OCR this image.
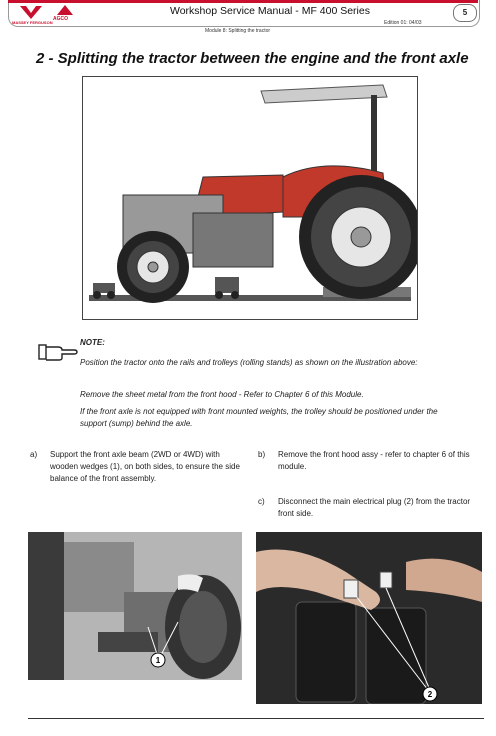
MASSEY FERGUSON
AGCO
Workshop Service Manual - MF 400 Series
Edition 01: 04/03
5
Module 8: Splitting the tractor
2 - Splitting the tractor between the engine and the front axle
NOTE:
Position the tractor onto the rails and trolleys (rolling stands) as shown on the illustration above:
Remove the sheet metal from the front hood - Refer to Chapter 6 of this Module.
If the front axle is not equipped with front mounted weights, the trolley should be positioned under the support (sump) behind the axle.
a) Support the front axle beam (2WD or 4WD) with wooden wedges (1), on both sides, to ensure the side balance of the front assembly.
b) Remove the front hood assy - refer to chapter 6 of this module.
c) Disconnect the main electrical plug (2) from the tractor front side.
1
2
